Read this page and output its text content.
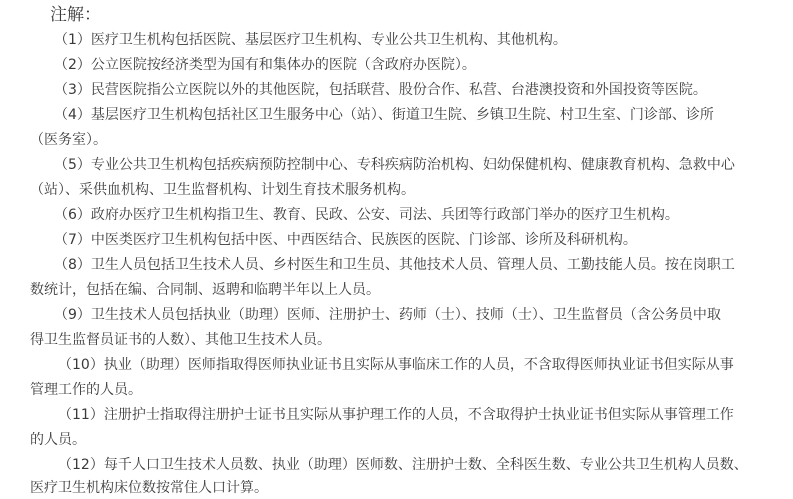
注解：
（1）医疗卫生机构包括医院、基层医疗卫生机构、专业公共卫生机构、其他机构。
（2）公立医院按经济类型为国有和集体办的医院（含政府办医院）。
（3）民营医院指公立医院以外的其他医院，包括联营、股份合作、私营、台港澳投资和外国投资等医院。
（4）基层医疗卫生机构包括社区卫生服务中心（站）、街道卫生院、乡镇卫生院、村卫生室、门诊部、诊所
（医务室）。
（5）专业公共卫生机构包括疾病预防控制中心、专科疾病防治机构、妇幼保健机构、健康教育机构、急救中心
（站）、采供血机构、卫生监督机构、计划生育技术服务机构。
（6）政府办医疗卫生机构指卫生、教育、民政、公安、司法、兵团等行政部门举办的医疗卫生机构。
（7）中医类医疗卫生机构包括中医、中西医结合、民族医的医院、门诊部、诊所及科研机构。
（8）卫生人员包括卫生技术人员、乡村医生和卫生员、其他技术人员、管理人员、工勤技能人员。按在岗职工
数统计，包括在编、合同制、返聘和临聘半年以上人员。
（9）卫生技术人员包括执业（助理）医师、注册护士、药师（士）、技师（士）、卫生监督员（含公务员中取
得卫生监督员证书的人数）、其他卫生技术人员。
（10）执业（助理）医师指取得医师执业证书且实际从事临床工作的人员，不含取得医师执业证书但实际从事
管理工作的人员。
（11）注册护士指取得注册护士证书且实际从事护理工作的人员，不含取得护士执业证书但实际从事管理工作
的人员。
（12）每千人口卫生技术人员数、执业（助理）医师数、注册护士数、全科医生数、专业公共卫生机构人员数、
医疗卫生机构床位数按常住人口计算。
